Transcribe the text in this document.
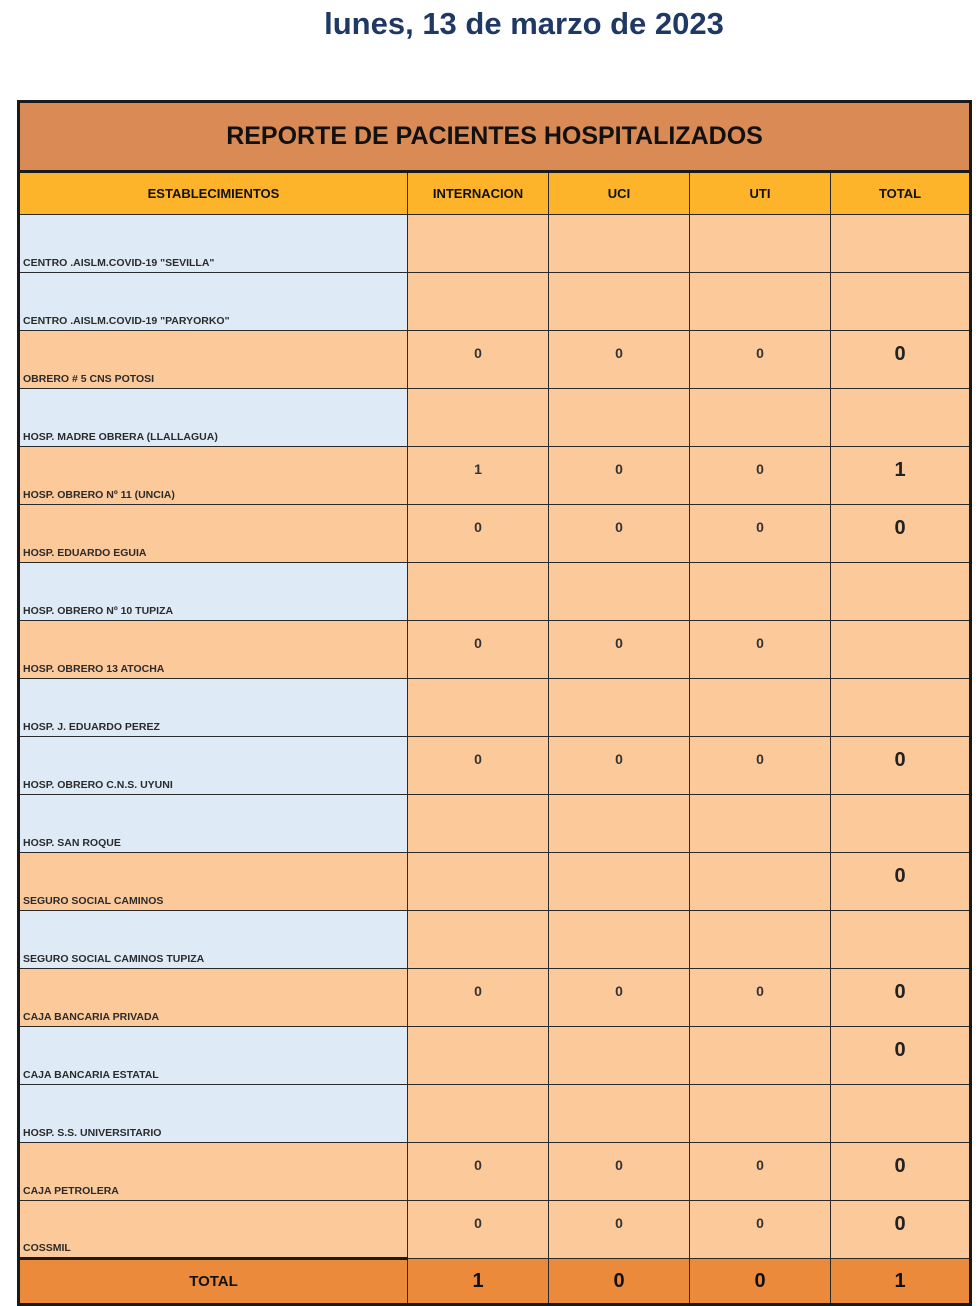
lunes, 13 de marzo de 2023
REPORTE DE PACIENTES HOSPITALIZADOS				
ESTABLECIMIENTOS	INTERNACION	UCI	UTI	TOTAL
CENTRO .AISLM.COVID-19 "SEVILLA"				
CENTRO .AISLM.COVID-19 "PARYORKO"				
OBRERO # 5 CNS POTOSI	0	0	0	0
HOSP. MADRE OBRERA (LLALLAGUA)				
HOSP. OBRERO Nº 11 (UNCIA)	1	0	0	1
HOSP. EDUARDO EGUIA	0	0	0	0
HOSP. OBRERO Nº 10 TUPIZA				
HOSP. OBRERO 13 ATOCHA	0	0	0	
HOSP. J. EDUARDO PEREZ				
HOSP. OBRERO C.N.S. UYUNI	0	0	0	0
HOSP. SAN ROQUE				
SEGURO SOCIAL CAMINOS				0
SEGURO SOCIAL CAMINOS TUPIZA				
CAJA BANCARIA PRIVADA	0	0	0	0
CAJA BANCARIA ESTATAL				0
HOSP. S.S. UNIVERSITARIO				
CAJA PETROLERA	0	0	0	0
COSSMIL	0	0	0	0
TOTAL	1	0	0	1
